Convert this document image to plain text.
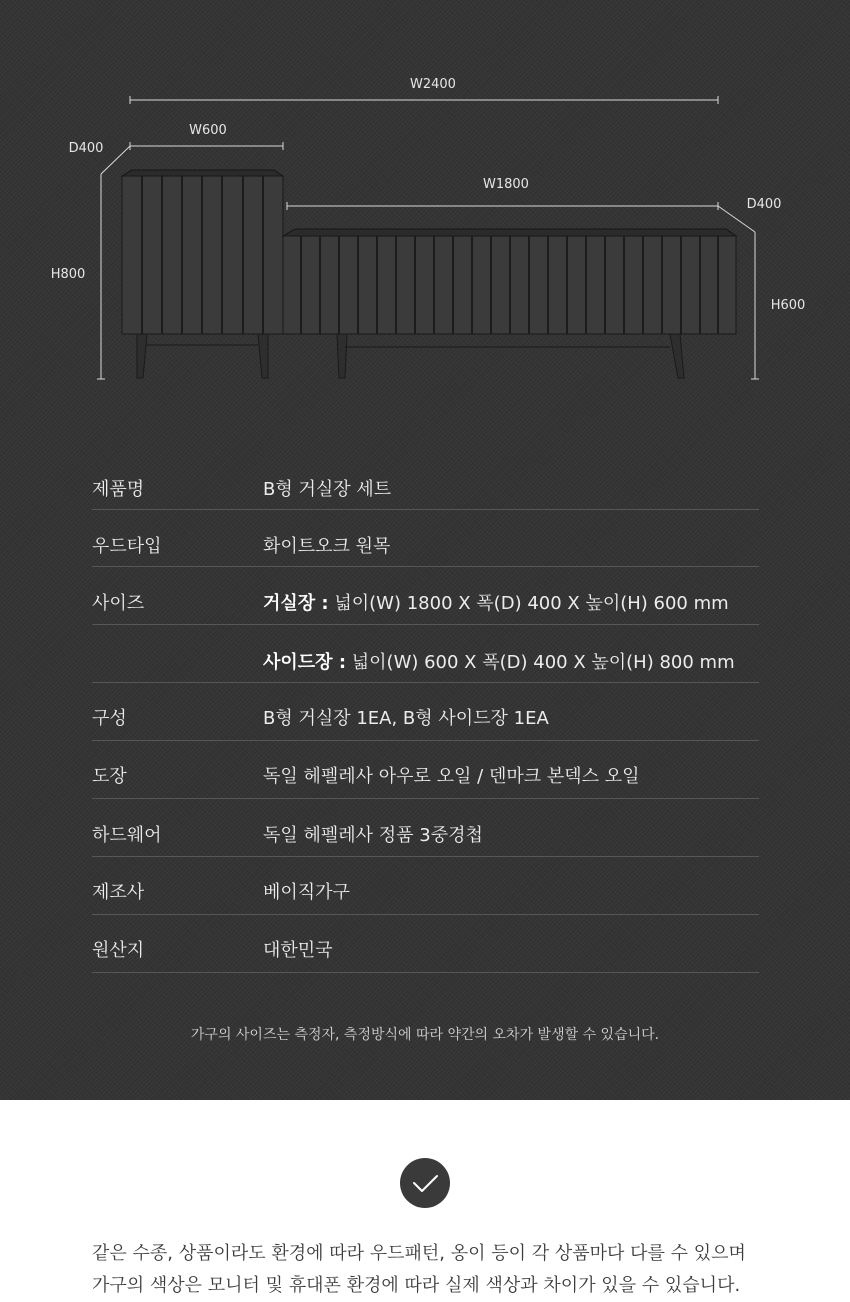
W2400
W600
D400
H800
W1800
D400
H600
제품명	B형 거실장 세트
우드타입	화이트오크 원목
사이즈	거실장 : 넓이(W) 1800 X 폭(D) 400 X 높이(H) 600 mm
사이드장 : 넓이(W) 600 X 폭(D) 400 X 높이(H) 800 mm
구성	B형 거실장 1EA, B형 사이드장 1EA
도장	독일 헤펠레사 아우로 오일 / 덴마크 본덱스 오일
하드웨어	독일 헤펠레사 정품 3중경첩
제조사	베이직가구
원산지	대한민국
가구의 사이즈는 측정자, 측정방식에 따라 약간의 오차가 발생할 수 있습니다.
같은 수종, 상품이라도 환경에 따라 우드패턴, 옹이 등이 각 상품마다 다를 수 있으며
가구의 색상은 모니터 및 휴대폰 환경에 따라 실제 색상과 차이가 있을 수 있습니다.
